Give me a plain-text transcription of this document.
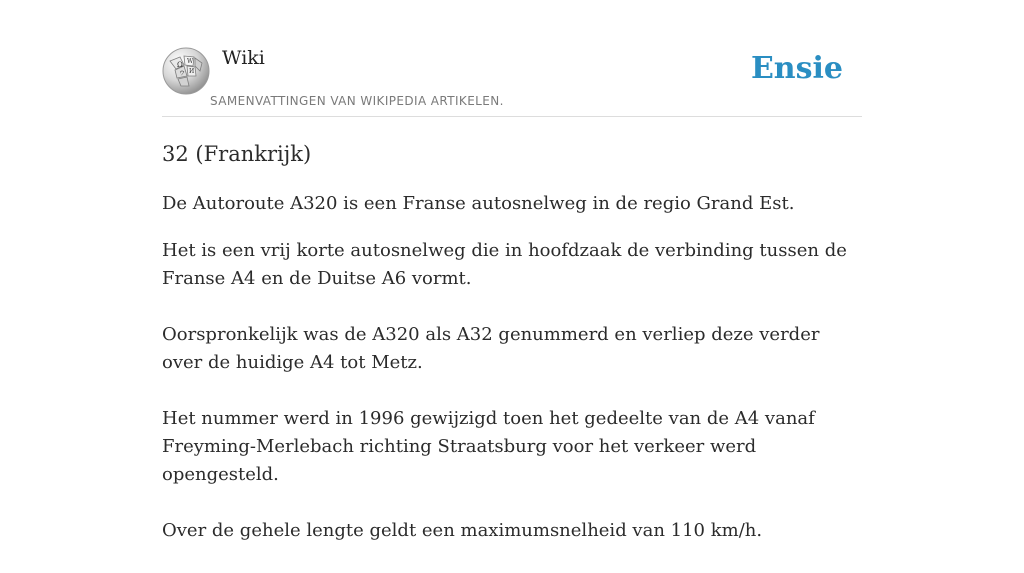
Ω W
И
ウ
Wiki
SAMENVATTINGEN VAN WIKIPEDIA ARTIKELEN.
Ensie
32 (Frankrijk)

De Autoroute A320 is een Franse autosnelweg in de regio Grand Est.

Het is een vrij korte autosnelweg die in hoofdzaak de verbinding tussen de Franse A4 en de Duitse A6 vormt.

Oorspronkelijk was de A320 als A32 genummerd en verliep deze verder over de huidige A4 tot Metz.

Het nummer werd in 1996 gewijzigd toen het gedeelte van de A4 vanaf Freyming-Merlebach richting Straatsburg voor het verkeer werd opengesteld.

Over de gehele lengte geldt een maximumsnelheid van 110 km/h.
